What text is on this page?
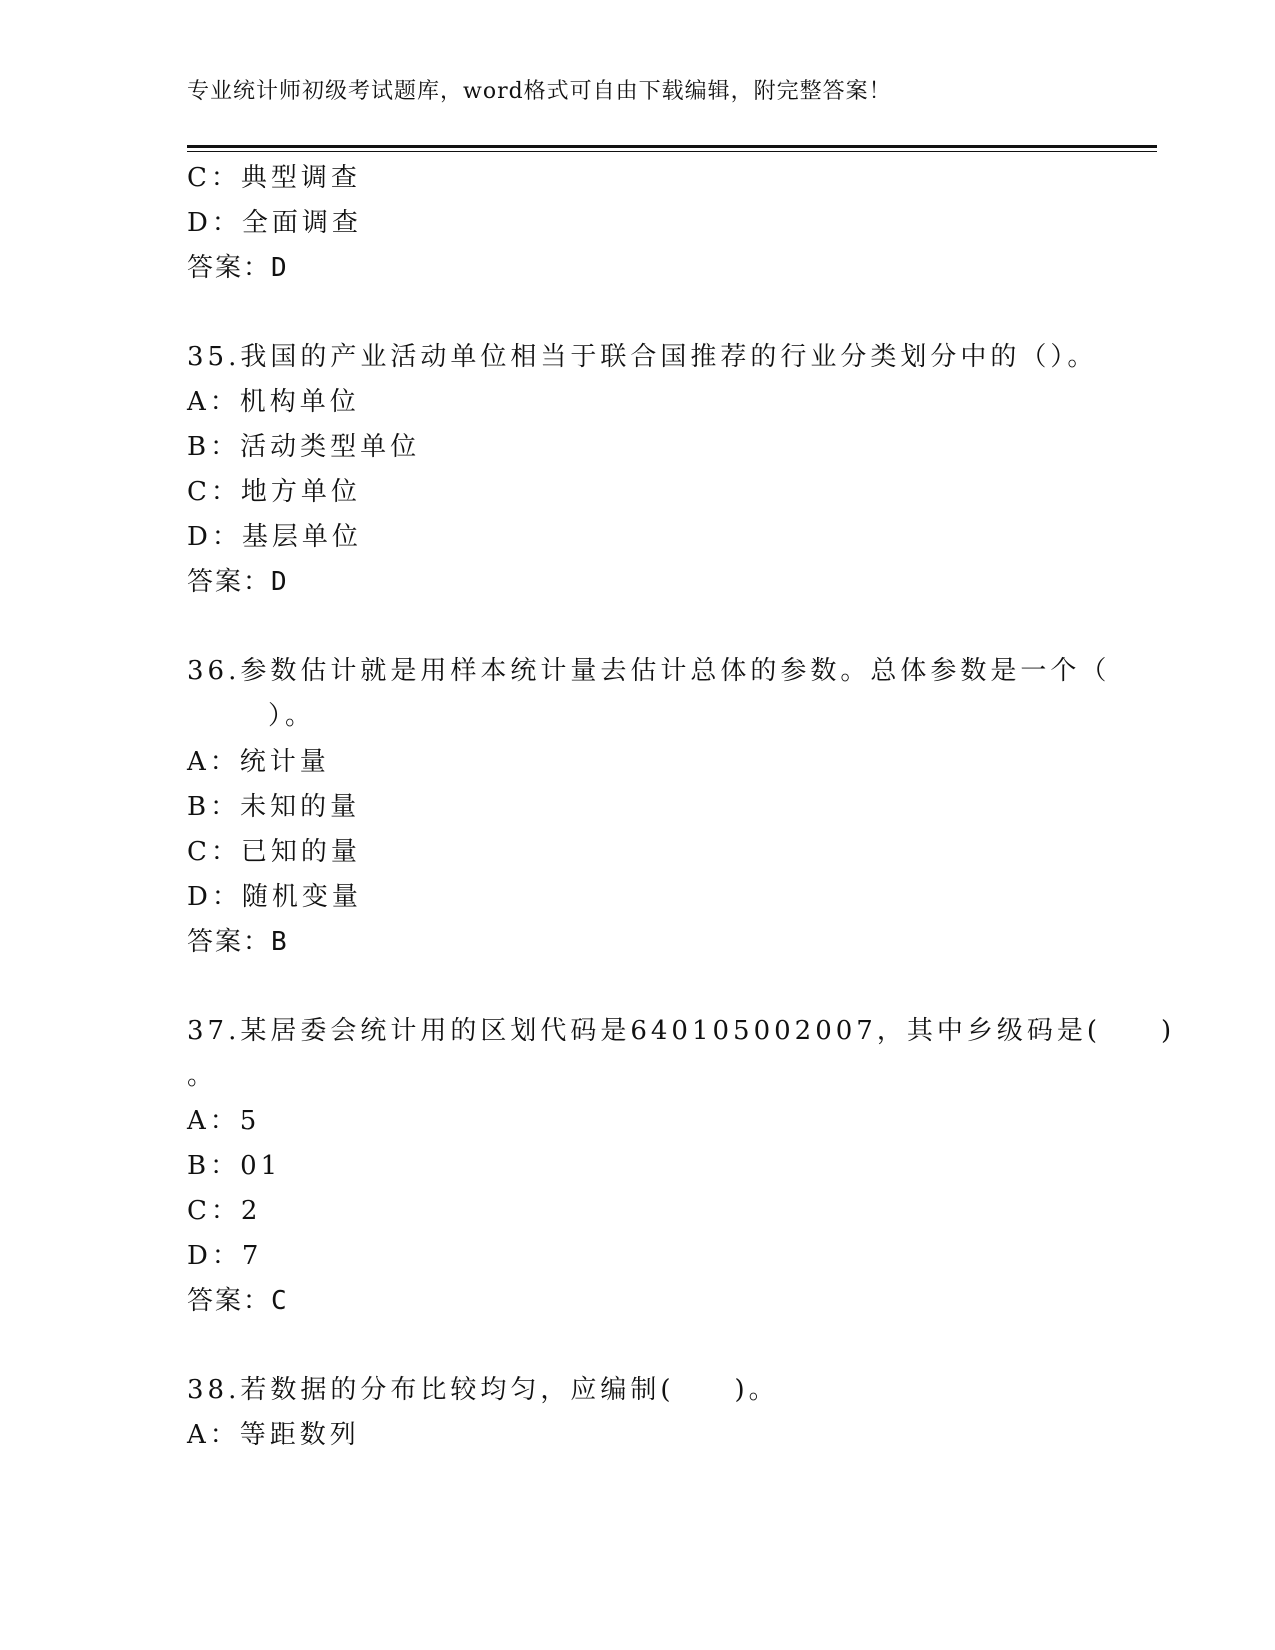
专业统计师初级考试题库，word格式可自由下载编辑，附完整答案！
C：典型调查
D：全面调查
答案：D
35.我国的产业活动单位相当于联合国推荐的行业分类划分中的（）。
A：机构单位
B：活动类型单位
C：地方单位
D：基层单位
答案：D
36.参数估计就是用样本统计量去估计总体的参数。总体参数是一个（
）。
A：统计量
B：未知的量
C：已知的量
D：随机变量
答案：B
37.某居委会统计用的区划代码是640105002007，其中乡级码是(　　)
。
A：5
B：01
C：2
D：7
答案：C
38.若数据的分布比较均匀，应编制(　　)。
A：等距数列
